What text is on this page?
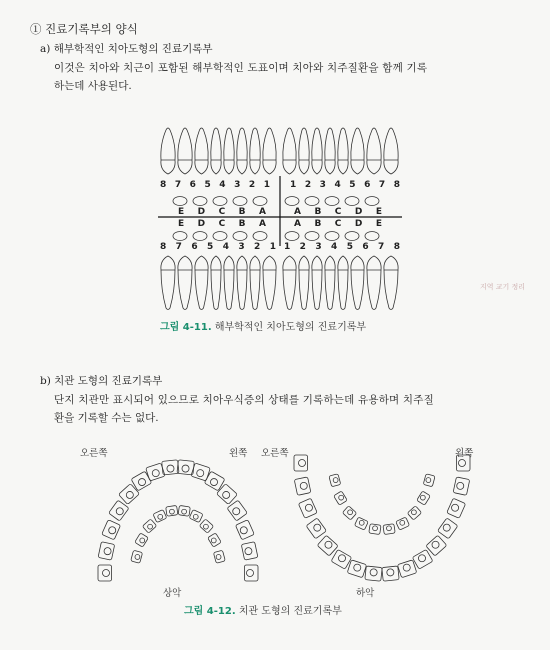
① 진료기록부의 양식
a) 해부학적인 치아도형의 진료기록부
이것은 치아와 치근이 포함된 해부학적인 도표이며 치아와 치주질환을 함께 기록
하는데 사용된다.
8 7 6 5 4 3 2 1 1 2 3 4 5 6 7 8
E D C B A	A B C D E
E D C B A	A B C D E
8 7 6 5 4 3 2 1 1 2 3 4 5 6 7 8
지역 교기 정리
그림 4-11. 해부학적인 치아도형의 진료기록부
b) 치관 도형의 진료기록부
단지 치관만 표시되어 있으므로 치아우식증의 상태를 기록하는데 유용하며 치주질
환을 기록할 수는 없다.
오른쪽	왼쪽 오른쪽	왼쪽
상악	하악
그림 4-12. 치관 도형의 진료기록부
